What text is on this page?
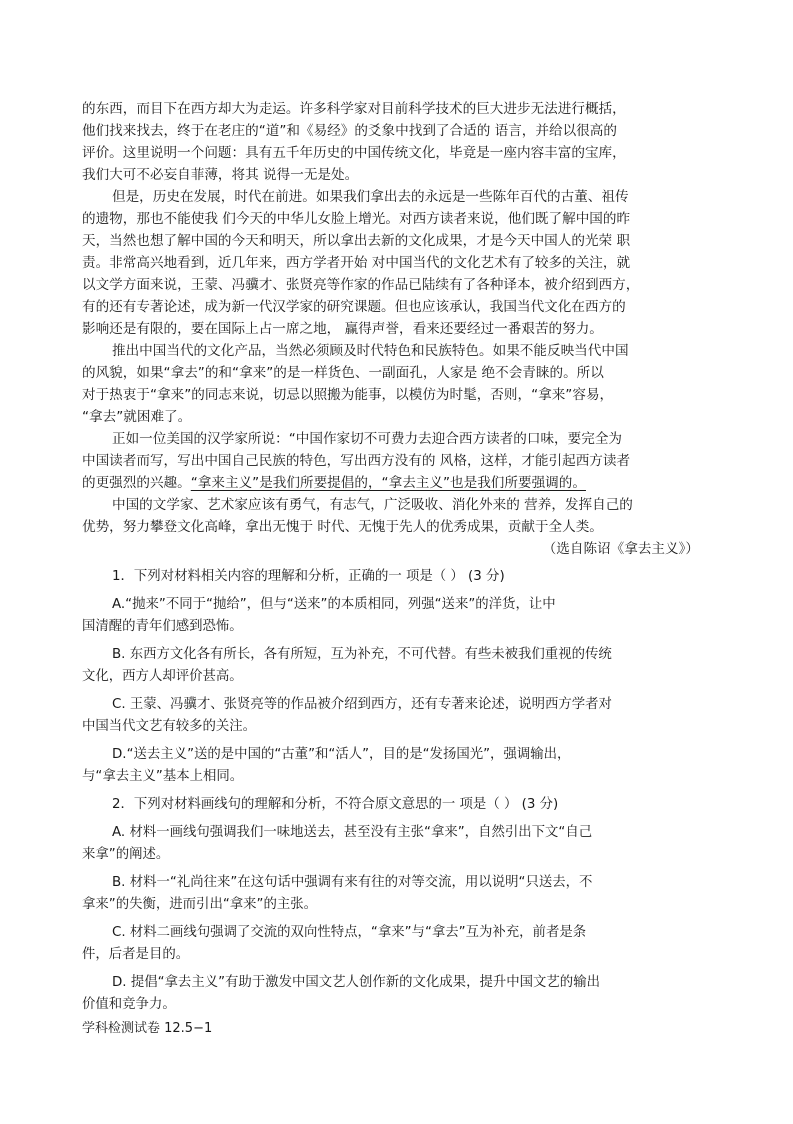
的东西，而目下在西方却大为走运。许多科学家对目前科学技术的巨大进步无法进行概括，
他们找来找去，终于在老庄的“道”和《易经》的爻象中找到了合适的 语言，并给以很高的
评价。这里说明一个问题：具有五千年历史的中国传统文化，毕竟是一座内容丰富的宝库，
我们大可不必妄自菲薄，将其 说得一无是处。
但是，历史在发展，时代在前进。如果我们拿出去的永远是一些陈年百代的古董、祖传
的遗物，那也不能使我 们今天的中华儿女脸上增光。对西方读者来说，他们既了解中国的昨
天，当然也想了解中国的今天和明天，所以拿出去新的文化成果，才是今天中国人的光荣 职
责。非常高兴地看到，近几年来，西方学者开始 对中国当代的文化艺术有了较多的关注，就
以文学方面来说，王蒙、冯骥才、张贤亮等作家的作品已陆续有了各种译本，被介绍到西方，
有的还有专著论述，成为新一代汉学家的研究课题。但也应该承认，我国当代文化在西方的
影响还是有限的，要在国际上占一席之地， 赢得声誉，看来还要经过一番艰苦的努力。
推出中国当代的文化产品，当然必须顾及时代特色和民族特色。如果不能反映当代中国
的风貌，如果“拿去”的和“拿来”的是一样货色、一副面孔，人家是 绝不会青睐的。所以
对于热衷于“拿来”的同志来说，切忌以照搬为能事，以模仿为时髦，否则，“拿来”容易，
“拿去”就困难了。
正如一位美国的汉学家所说：“中国作家切不可费力去迎合西方读者的口味，要完全为
中国读者而写，写出中国自己民族的特色，写出西方没有的 风格，这样，才能引起西方读者
的更强烈的兴趣。“拿来主义”是我们所要提倡的，“拿去主义”也是我们所要强调的。
中国的文学家、艺术家应该有勇气，有志气，广泛吸收、消化外来的 营养，发挥自己的
优势，努力攀登文化高峰，拿出无愧于 时代、无愧于先人的优秀成果，贡献于全人类。
（选自陈诏《拿去主义》）
1．下列对材料相关内容的理解和分析，正确的一 项是（ ） (3 分)
A.“抛来”不同于“抛给”，但与“送来”的本质相同，列强“送来”的洋货，让中
国清醒的青年们感到恐怖。
B. 东西方文化各有所长，各有所短，互为补充，不可代替。有些未被我们重视的传统
文化，西方人却评价甚高。
C. 王蒙、冯骥才、张贤亮等的作品被介绍到西方，还有专著来论述，说明西方学者对
中国当代文艺有较多的关注。
D.“送去主义”送的是中国的“古董”和“活人”，目的是“发扬国光”，强调输出，
与“拿去主义”基本上相同。
2．下列对材料画线句的理解和分析，不符合原文意思的一 项是（ ） (3 分)
A. 材料一画线句强调我们一味地送去，甚至没有主张“拿来”，自然引出下文“自己
来拿”的阐述。
B. 材料一“礼尚往来”在这句话中强调有来有往的对等交流，用以说明“只送去，不
拿来”的失衡，进而引出“拿来”的主张。
C. 材料二画线句强调了交流的双向性特点，“拿来”与“拿去”互为补充，前者是条
件，后者是目的。
D. 提倡“拿去主义”有助于激发中国文艺人创作新的文化成果，提升中国文艺的输出
价值和竞争力。
学科检测试卷 12.5−1
